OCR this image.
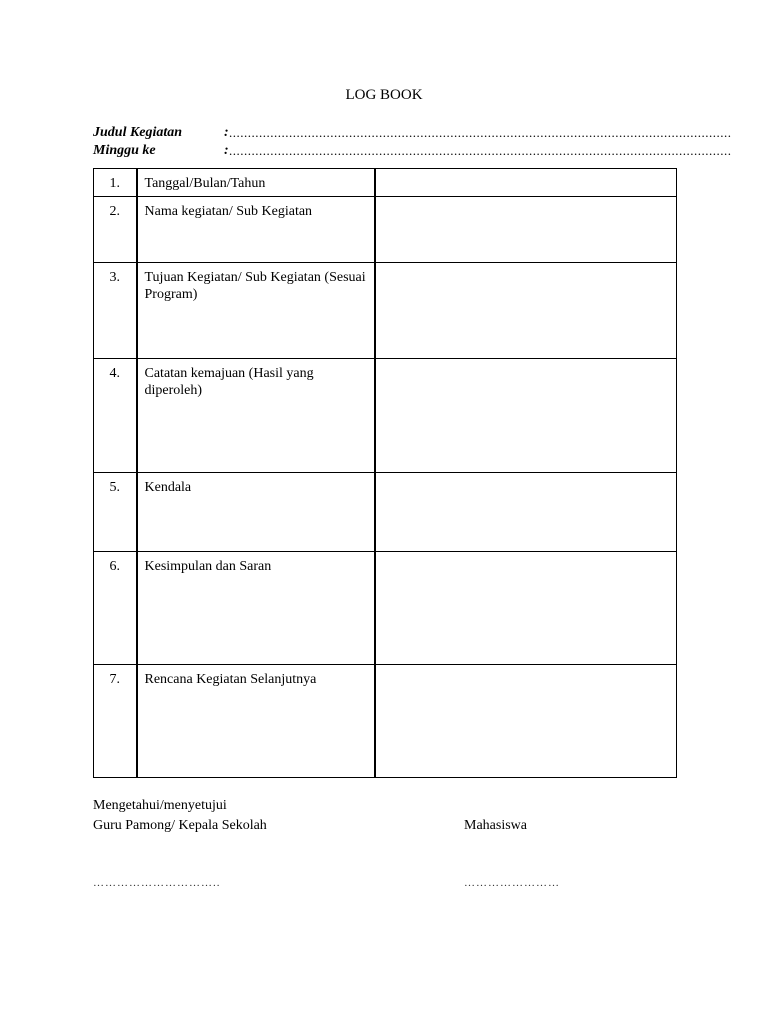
LOG BOOK
Judul Kegiatan	: ......................................................................................................................................
Minggu ke	: ......................................................................................................................................
1.	Tanggal/Bulan/Tahun	
2.	Nama kegiatan/ Sub Kegiatan	
3.	Tujuan Kegiatan/ Sub Kegiatan (Sesuai Program)	
4.	Catatan kemajuan (Hasil yang diperoleh)	
5.	Kendala	
6.	Kesimpulan dan Saran	
7.	Rencana Kegiatan Selanjutnya	
Mengetahui/menyetujui
Guru Pamong/ Kepala Sekolah	Mahasiswa
…………………………..	……………………
